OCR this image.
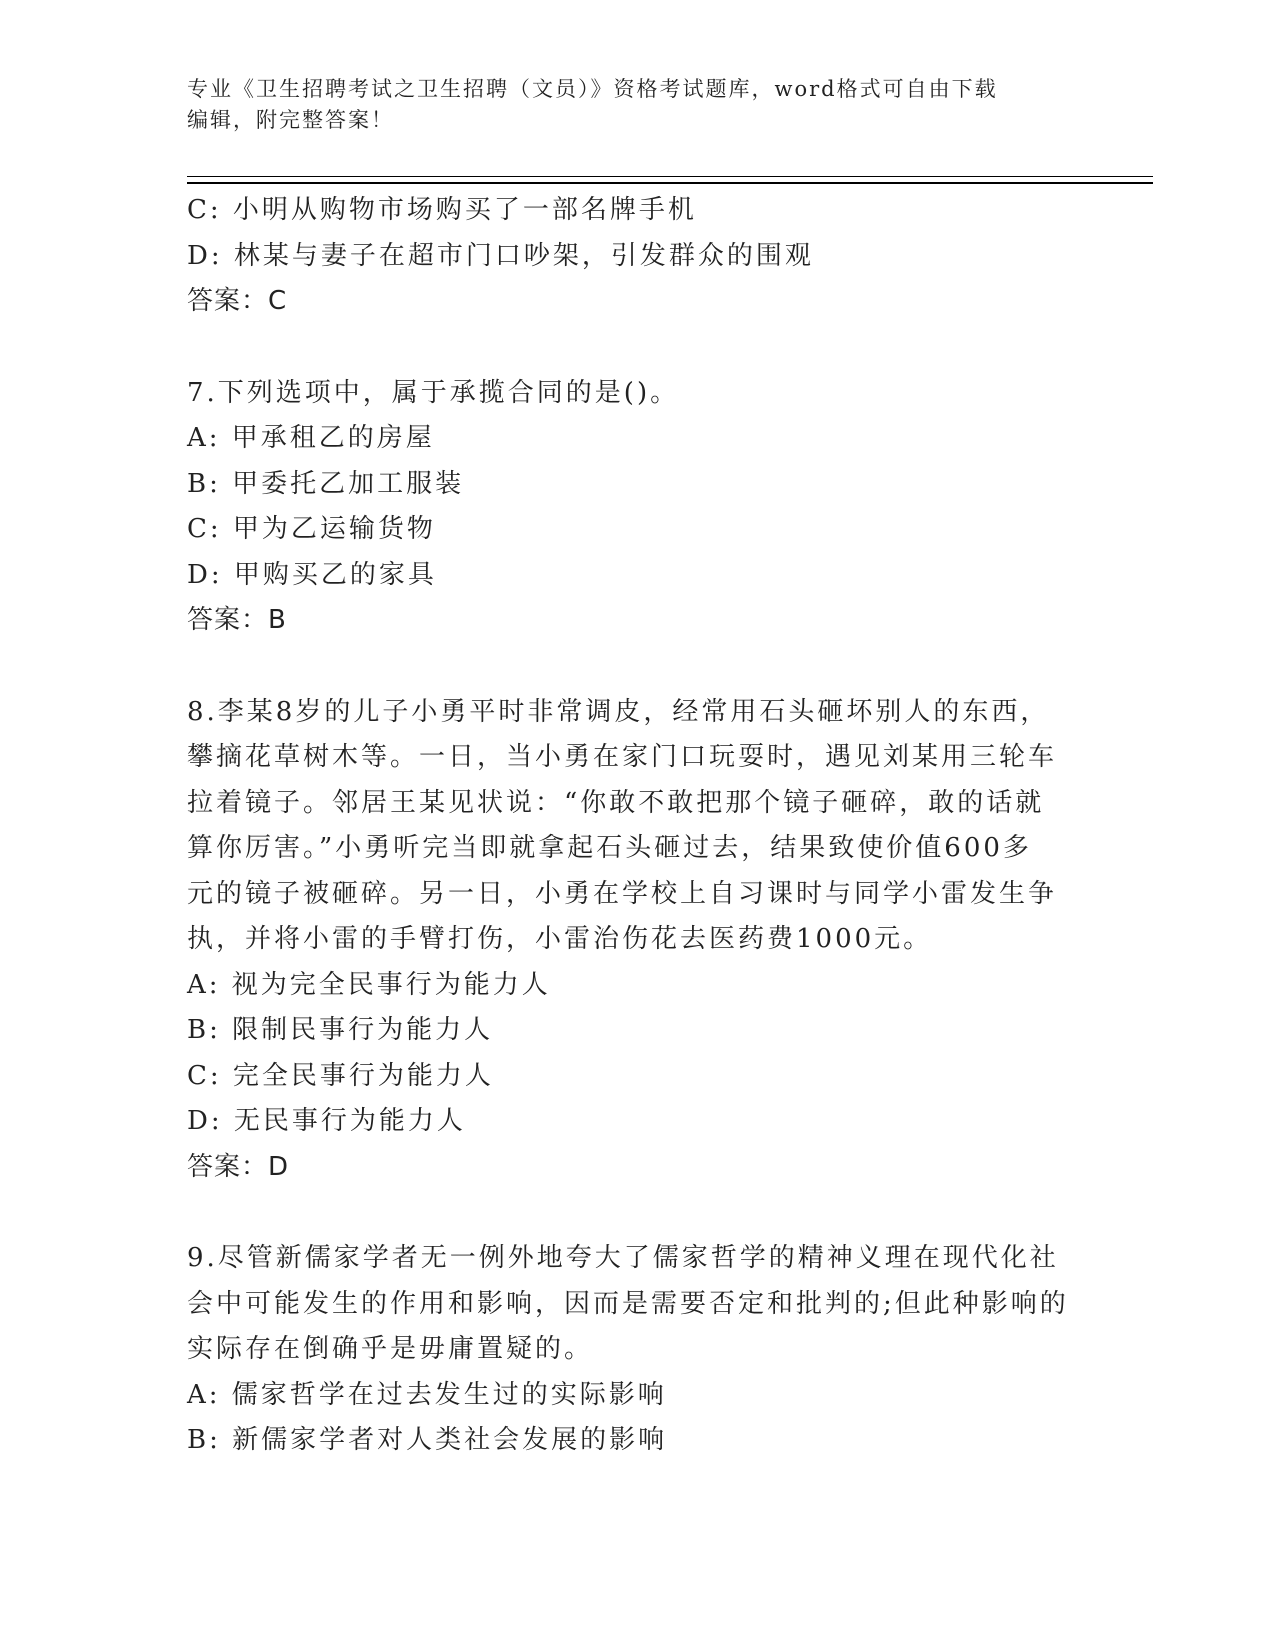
专业《卫生招聘考试之卫生招聘（文员）》资格考试题库，word格式可自由下载
编辑，附完整答案！
C: 小明从购物市场购买了一部名牌手机
D: 林某与妻子在超市门口吵架，引发群众的围观
答案：C
7.下列选项中，属于承揽合同的是()。
A: 甲承租乙的房屋
B: 甲委托乙加工服装
C: 甲为乙运输货物
D: 甲购买乙的家具
答案：B
8.李某8岁的儿子小勇平时非常调皮，经常用石头砸坏别人的东西，
攀摘花草树木等。一日，当小勇在家门口玩耍时，遇见刘某用三轮车
拉着镜子。邻居王某见状说：“你敢不敢把那个镜子砸碎，敢的话就
算你厉害。”小勇听完当即就拿起石头砸过去，结果致使价值600多
元的镜子被砸碎。另一日，小勇在学校上自习课时与同学小雷发生争
执，并将小雷的手臂打伤，小雷治伤花去医药费1000元。
A: 视为完全民事行为能力人
B: 限制民事行为能力人
C: 完全民事行为能力人
D: 无民事行为能力人
答案：D
9.尽管新儒家学者无一例外地夸大了儒家哲学的精神义理在现代化社
会中可能发生的作用和影响，因而是需要否定和批判的;但此种影响的
实际存在倒确乎是毋庸置疑的。
A: 儒家哲学在过去发生过的实际影响
B: 新儒家学者对人类社会发展的影响
